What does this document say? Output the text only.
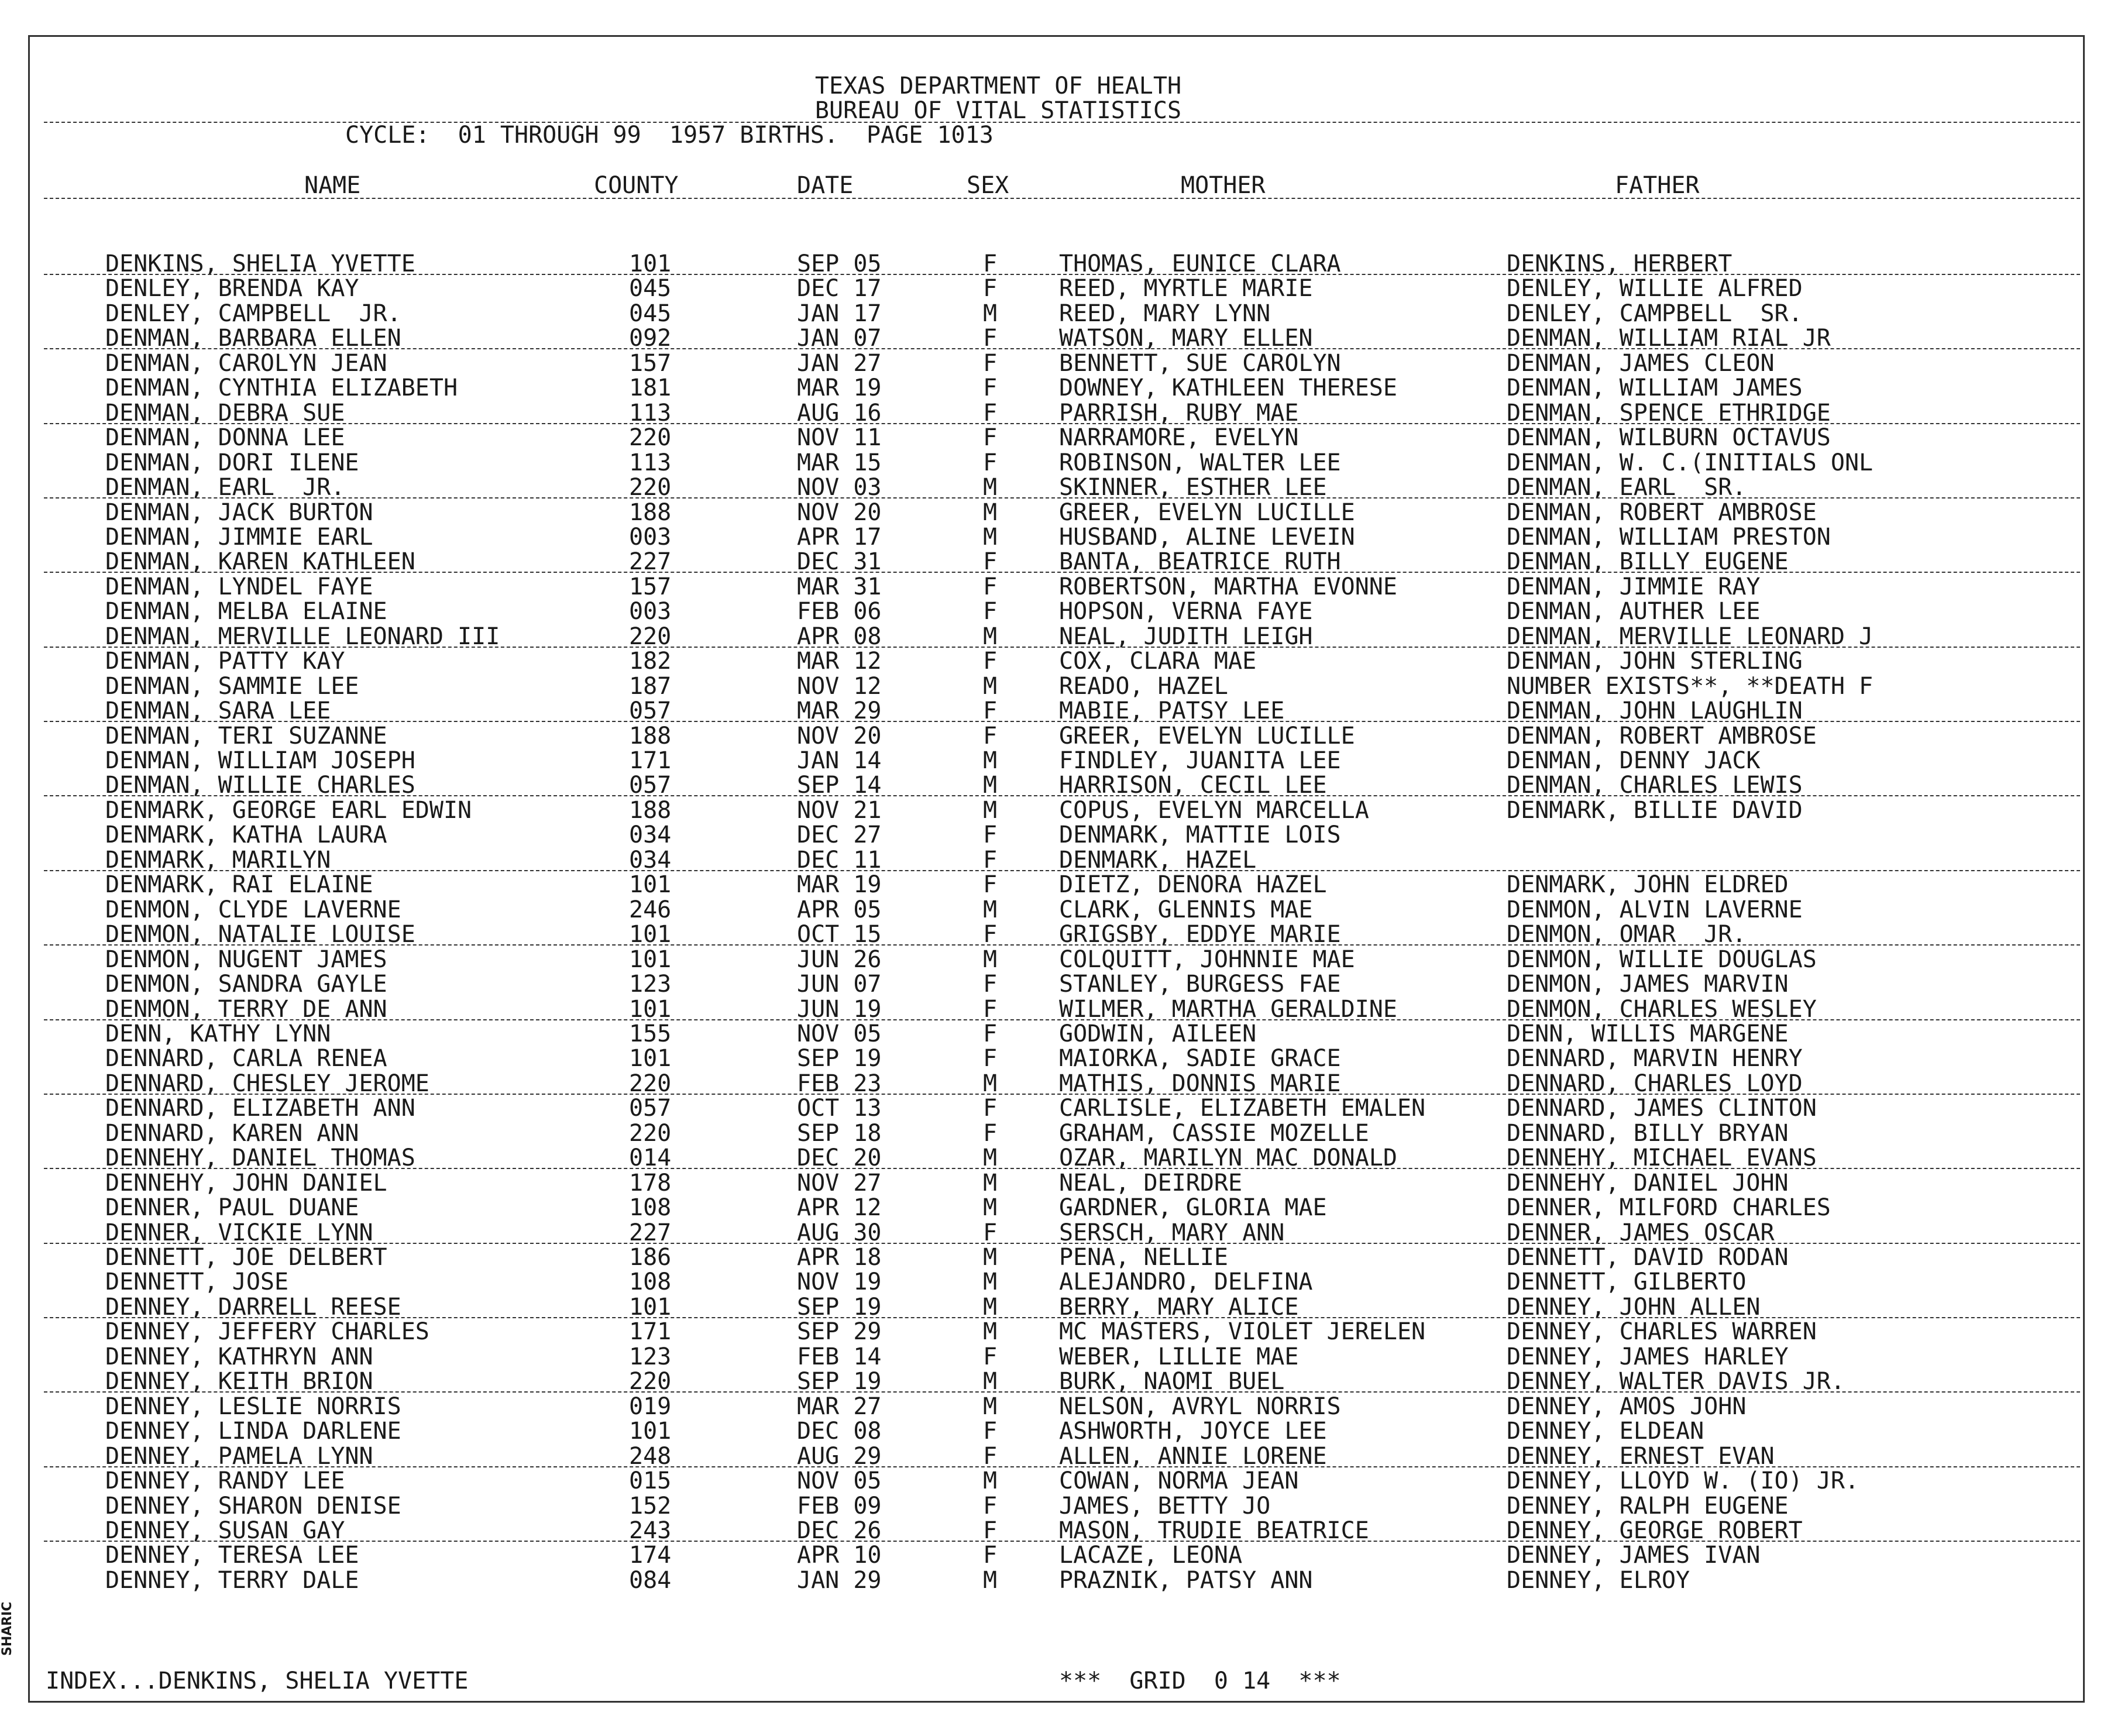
TEXAS DEPARTMENT OF HEALTH
BUREAU OF VITAL STATISTICS
CYCLE:  01 THROUGH 99  1957 BIRTHS.  PAGE 1013
NAME	COUNTY	DATE	SEX	MOTHER	FATHER
DENKINS, SHELIA YVETTE	101	SEP 05	F	THOMAS, EUNICE CLARA	DENKINS, HERBERT
DENLEY, BRENDA KAY	045	DEC 17	F	REED, MYRTLE MARIE	DENLEY, WILLIE ALFRED
DENLEY, CAMPBELL  JR.	045	JAN 17	M	REED, MARY LYNN	DENLEY, CAMPBELL  SR.
DENMAN, BARBARA ELLEN	092	JAN 07	F	WATSON, MARY ELLEN	DENMAN, WILLIAM RIAL JR
DENMAN, CAROLYN JEAN	157	JAN 27	F	BENNETT, SUE CAROLYN	DENMAN, JAMES CLEON
DENMAN, CYNTHIA ELIZABETH	181	MAR 19	F	DOWNEY, KATHLEEN THERESE	DENMAN, WILLIAM JAMES
DENMAN, DEBRA SUE	113	AUG 16	F	PARRISH, RUBY MAE	DENMAN, SPENCE ETHRIDGE
DENMAN, DONNA LEE	220	NOV 11	F	NARRAMORE, EVELYN	DENMAN, WILBURN OCTAVUS
DENMAN, DORI ILENE	113	MAR 15	F	ROBINSON, WALTER LEE	DENMAN, W. C.(INITIALS ONL
DENMAN, EARL  JR.	220	NOV 03	M	SKINNER, ESTHER LEE	DENMAN, EARL  SR.
DENMAN, JACK BURTON	188	NOV 20	M	GREER, EVELYN LUCILLE	DENMAN, ROBERT AMBROSE
DENMAN, JIMMIE EARL	003	APR 17	M	HUSBAND, ALINE LEVEIN	DENMAN, WILLIAM PRESTON
DENMAN, KAREN KATHLEEN	227	DEC 31	F	BANTA, BEATRICE RUTH	DENMAN, BILLY EUGENE
DENMAN, LYNDEL FAYE	157	MAR 31	F	ROBERTSON, MARTHA EVONNE	DENMAN, JIMMIE RAY
DENMAN, MELBA ELAINE	003	FEB 06	F	HOPSON, VERNA FAYE	DENMAN, AUTHER LEE
DENMAN, MERVILLE LEONARD III	220	APR 08	M	NEAL, JUDITH LEIGH	DENMAN, MERVILLE LEONARD J
DENMAN, PATTY KAY	182	MAR 12	F	COX, CLARA MAE	DENMAN, JOHN STERLING
DENMAN, SAMMIE LEE	187	NOV 12	M	READO, HAZEL	NUMBER EXISTS**, **DEATH F
DENMAN, SARA LEE	057	MAR 29	F	MABIE, PATSY LEE	DENMAN, JOHN LAUGHLIN
DENMAN, TERI SUZANNE	188	NOV 20	F	GREER, EVELYN LUCILLE	DENMAN, ROBERT AMBROSE
DENMAN, WILLIAM JOSEPH	171	JAN 14	M	FINDLEY, JUANITA LEE	DENMAN, DENNY JACK
DENMAN, WILLIE CHARLES	057	SEP 14	M	HARRISON, CECIL LEE	DENMAN, CHARLES LEWIS
DENMARK, GEORGE EARL EDWIN	188	NOV 21	M	COPUS, EVELYN MARCELLA	DENMARK, BILLIE DAVID
DENMARK, KATHA LAURA	034	DEC 27	F	DENMARK, MATTIE LOIS
DENMARK, MARILYN	034	DEC 11	F	DENMARK, HAZEL
DENMARK, RAI ELAINE	101	MAR 19	F	DIETZ, DENORA HAZEL	DENMARK, JOHN ELDRED
DENMON, CLYDE LAVERNE	246	APR 05	M	CLARK, GLENNIS MAE	DENMON, ALVIN LAVERNE
DENMON, NATALIE LOUISE	101	OCT 15	F	GRIGSBY, EDDYE MARIE	DENMON, OMAR  JR.
DENMON, NUGENT JAMES	101	JUN 26	M	COLQUITT, JOHNNIE MAE	DENMON, WILLIE DOUGLAS
DENMON, SANDRA GAYLE	123	JUN 07	F	STANLEY, BURGESS FAE	DENMON, JAMES MARVIN
DENMON, TERRY DE ANN	101	JUN 19	F	WILMER, MARTHA GERALDINE	DENMON, CHARLES WESLEY
DENN, KATHY LYNN	155	NOV 05	F	GODWIN, AILEEN	DENN, WILLIS MARGENE
DENNARD, CARLA RENEA	101	SEP 19	F	MAIORKA, SADIE GRACE	DENNARD, MARVIN HENRY
DENNARD, CHESLEY JEROME	220	FEB 23	M	MATHIS, DONNIS MARIE	DENNARD, CHARLES LOYD
DENNARD, ELIZABETH ANN	057	OCT 13	F	CARLISLE, ELIZABETH EMALEN	DENNARD, JAMES CLINTON
DENNARD, KAREN ANN	220	SEP 18	F	GRAHAM, CASSIE MOZELLE	DENNARD, BILLY BRYAN
DENNEHY, DANIEL THOMAS	014	DEC 20	M	OZAR, MARILYN MAC DONALD	DENNEHY, MICHAEL EVANS
DENNEHY, JOHN DANIEL	178	NOV 27	M	NEAL, DEIRDRE	DENNEHY, DANIEL JOHN
DENNER, PAUL DUANE	108	APR 12	M	GARDNER, GLORIA MAE	DENNER, MILFORD CHARLES
DENNER, VICKIE LYNN	227	AUG 30	F	SERSCH, MARY ANN	DENNER, JAMES OSCAR
DENNETT, JOE DELBERT	186	APR 18	M	PENA, NELLIE	DENNETT, DAVID RODAN
DENNETT, JOSE	108	NOV 19	M	ALEJANDRO, DELFINA	DENNETT, GILBERTO
DENNEY, DARRELL REESE	101	SEP 19	M	BERRY, MARY ALICE	DENNEY, JOHN ALLEN
DENNEY, JEFFERY CHARLES	171	SEP 29	M	MC MASTERS, VIOLET JERELEN	DENNEY, CHARLES WARREN
DENNEY, KATHRYN ANN	123	FEB 14	F	WEBER, LILLIE MAE	DENNEY, JAMES HARLEY
DENNEY, KEITH BRION	220	SEP 19	M	BURK, NAOMI BUEL	DENNEY, WALTER DAVIS JR.
DENNEY, LESLIE NORRIS	019	MAR 27	M	NELSON, AVRYL NORRIS	DENNEY, AMOS JOHN
DENNEY, LINDA DARLENE	101	DEC 08	F	ASHWORTH, JOYCE LEE	DENNEY, ELDEAN
DENNEY, PAMELA LYNN	248	AUG 29	F	ALLEN, ANNIE LORENE	DENNEY, ERNEST EVAN
DENNEY, RANDY LEE	015	NOV 05	M	COWAN, NORMA JEAN	DENNEY, LLOYD W. (IO) JR.
DENNEY, SHARON DENISE	152	FEB 09	F	JAMES, BETTY JO	DENNEY, RALPH EUGENE
DENNEY, SUSAN GAY	243	DEC 26	F	MASON, TRUDIE BEATRICE	DENNEY, GEORGE ROBERT
DENNEY, TERESA LEE	174	APR 10	F	LACAZE, LEONA	DENNEY, JAMES IVAN
DENNEY, TERRY DALE	084	JAN 29	M	PRAZNIK, PATSY ANN	DENNEY, ELROY
INDEX...DENKINS, SHELIA YVETTE	***  GRID  0 14  ***
SHARIC
